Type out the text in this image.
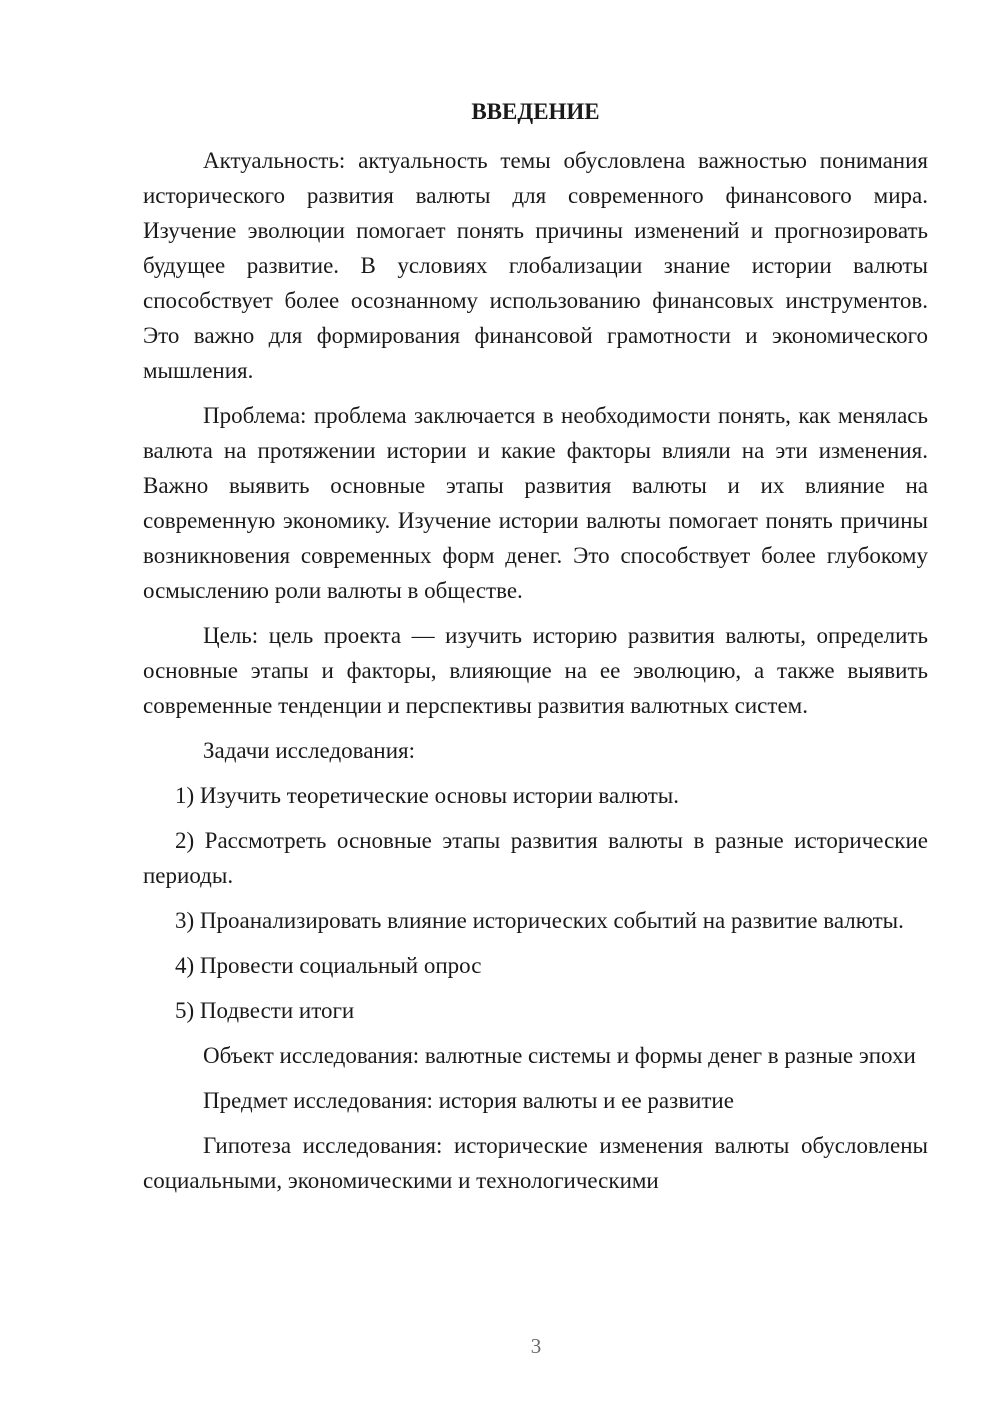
ВВЕДЕНИЕ

Актуальность: актуальность темы обусловлена важностью понимания исторического развития валюты для современного финансового мира. Изучение эволюции помогает понять причины изменений и прогнозировать будущее развитие. В условиях глобализации знание истории валюты способствует более осознанному использованию финансовых инструментов. Это важно для формирования финансовой грамотности и экономического мышления.

Проблема: проблема заключается в необходимости понять, как менялась валюта на протяжении истории и какие факторы влияли на эти изменения. Важно выявить основные этапы развития валюты и их влияние на современную экономику. Изучение истории валюты помогает понять причины возникновения современных форм денег. Это способствует более глубокому осмыслению роли валюты в обществе.

Цель: цель проекта — изучить историю развития валюты, определить основные этапы и факторы, влияющие на ее эволюцию, а также выявить современные тенденции и перспективы развития валютных систем.

Задачи исследования:

1) Изучить теоретические основы истории валюты.

2) Рассмотреть основные этапы развития валюты в разные исторические периоды.

3) Проанализировать влияние исторических событий на развитие валюты.

4) Провести социальный опрос

5) Подвести итоги

Объект исследования: валютные системы и формы денег в разные эпохи

Предмет исследования: история валюты и ее развитие

Гипотеза исследования: исторические изменения валюты обусловлены социальными, экономическими и технологическими

3
